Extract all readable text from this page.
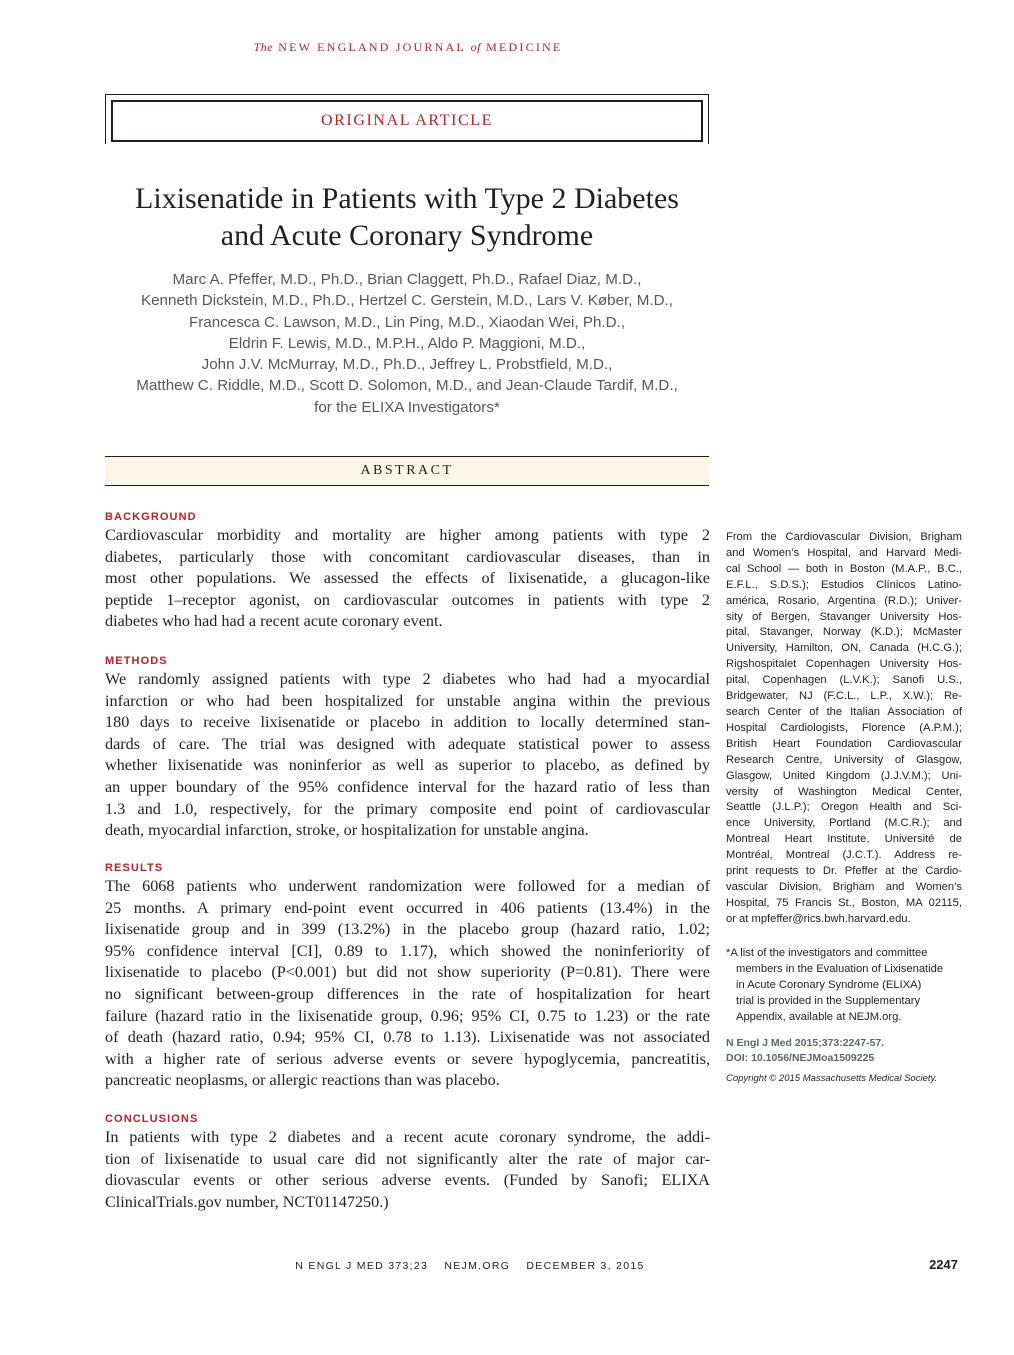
The NEW ENGLAND JOURNAL of MEDICINE
ORIGINAL ARTICLE
Lixisenatide in Patients with Type 2 Diabetes
and Acute Coronary Syndrome
Marc A. Pfeffer, M.D., Ph.D., Brian Claggett, Ph.D., Rafael Diaz, M.D.,
Kenneth Dickstein, M.D., Ph.D., Hertzel C. Gerstein, M.D., Lars V. Køber, M.D.,
Francesca C. Lawson, M.D., Lin Ping, M.D., Xiaodan Wei, Ph.D.,
Eldrin F. Lewis, M.D., M.P.H., Aldo P. Maggioni, M.D.,
John J.V. McMurray, M.D., Ph.D., Jeffrey L. Probstfield, M.D.,
Matthew C. Riddle, M.D., Scott D. Solomon, M.D., and Jean-Claude Tardif, M.D.,
for the ELIXA Investigators*
ABSTRACT
BACKGROUND
Cardiovascular morbidity and mortality are higher among patients with type 2
diabetes, particularly those with concomitant cardiovascular diseases, than in
most other populations. We assessed the effects of lixisenatide, a glucagon-like
peptide 1–receptor agonist, on cardiovascular outcomes in patients with type 2
diabetes who had had a recent acute coronary event.
METHODS
We randomly assigned patients with type 2 diabetes who had had a myocardial
infarction or who had been hospitalized for unstable angina within the previous
180 days to receive lixisenatide or placebo in addition to locally determined stan-
dards of care. The trial was designed with adequate statistical power to assess
whether lixisenatide was noninferior as well as superior to placebo, as defined by
an upper boundary of the 95% confidence interval for the hazard ratio of less than
1.3 and 1.0, respectively, for the primary composite end point of cardiovascular
death, myocardial infarction, stroke, or hospitalization for unstable angina.
RESULTS
The 6068 patients who underwent randomization were followed for a median of
25 months. A primary end-point event occurred in 406 patients (13.4%) in the
lixisenatide group and in 399 (13.2%) in the placebo group (hazard ratio, 1.02;
95% confidence interval [CI], 0.89 to 1.17), which showed the noninferiority of
lixisenatide to placebo (P<0.001) but did not show superiority (P=0.81). There were
no significant between-group differences in the rate of hospitalization for heart
failure (hazard ratio in the lixisenatide group, 0.96; 95% CI, 0.75 to 1.23) or the rate
of death (hazard ratio, 0.94; 95% CI, 0.78 to 1.13). Lixisenatide was not associated
with a higher rate of serious adverse events or severe hypoglycemia, pancreatitis,
pancreatic neoplasms, or allergic reactions than was placebo.
CONCLUSIONS
In patients with type 2 diabetes and a recent acute coronary syndrome, the addi-
tion of lixisenatide to usual care did not significantly alter the rate of major car-
diovascular events or other serious adverse events. (Funded by Sanofi; ELIXA
ClinicalTrials.gov number, NCT01147250.)
From the Cardiovascular Division, Brigham
and Women’s Hospital, and Harvard Medi-
cal School — both in Boston (M.A.P., B.C.,
E.F.L., S.D.S.); Estudios Clínicos Latino-
américa, Rosario, Argentina (R.D.); Univer-
sity of Bergen, Stavanger University Hos-
pital, Stavanger, Norway (K.D.); McMaster
University, Hamilton, ON, Canada (H.C.G.);
Rigshospitalet Copenhagen University Hos-
pital, Copenhagen (L.V.K.); Sanofi U.S.,
Bridgewater, NJ (F.C.L., L.P., X.W.); Re-
search Center of the Italian Association of
Hospital Cardiologists, Florence (A.P.M.);
British Heart Foundation Cardiovascular
Research Centre, University of Glasgow,
Glasgow, United Kingdom (J.J.V.M.); Uni-
versity of Washington Medical Center,
Seattle (J.L.P.); Oregon Health and Sci-
ence University, Portland (M.C.R.); and
Montreal Heart Institute, Université de
Montréal, Montreal (J.C.T.). Address re-
print requests to Dr. Pfeffer at the Cardio-
vascular Division, Brigham and Women’s
Hospital, 75 Francis St., Boston, MA 02115,
or at mpfeffer@rics.bwh.harvard.edu.
*A list of the investigators and committee
members in the Evaluation of Lixisenatide
in Acute Coronary Syndrome (ELIXA)
trial is provided in the Supplementary
Appendix, available at NEJM.org.
N Engl J Med 2015;373:2247-57.
DOI: 10.1056/NEJMoa1509225
Copyright © 2015 Massachusetts Medical Society.
N ENGL J MED 373;23 NEJM.ORG DECEMBER 3, 2015	2247
